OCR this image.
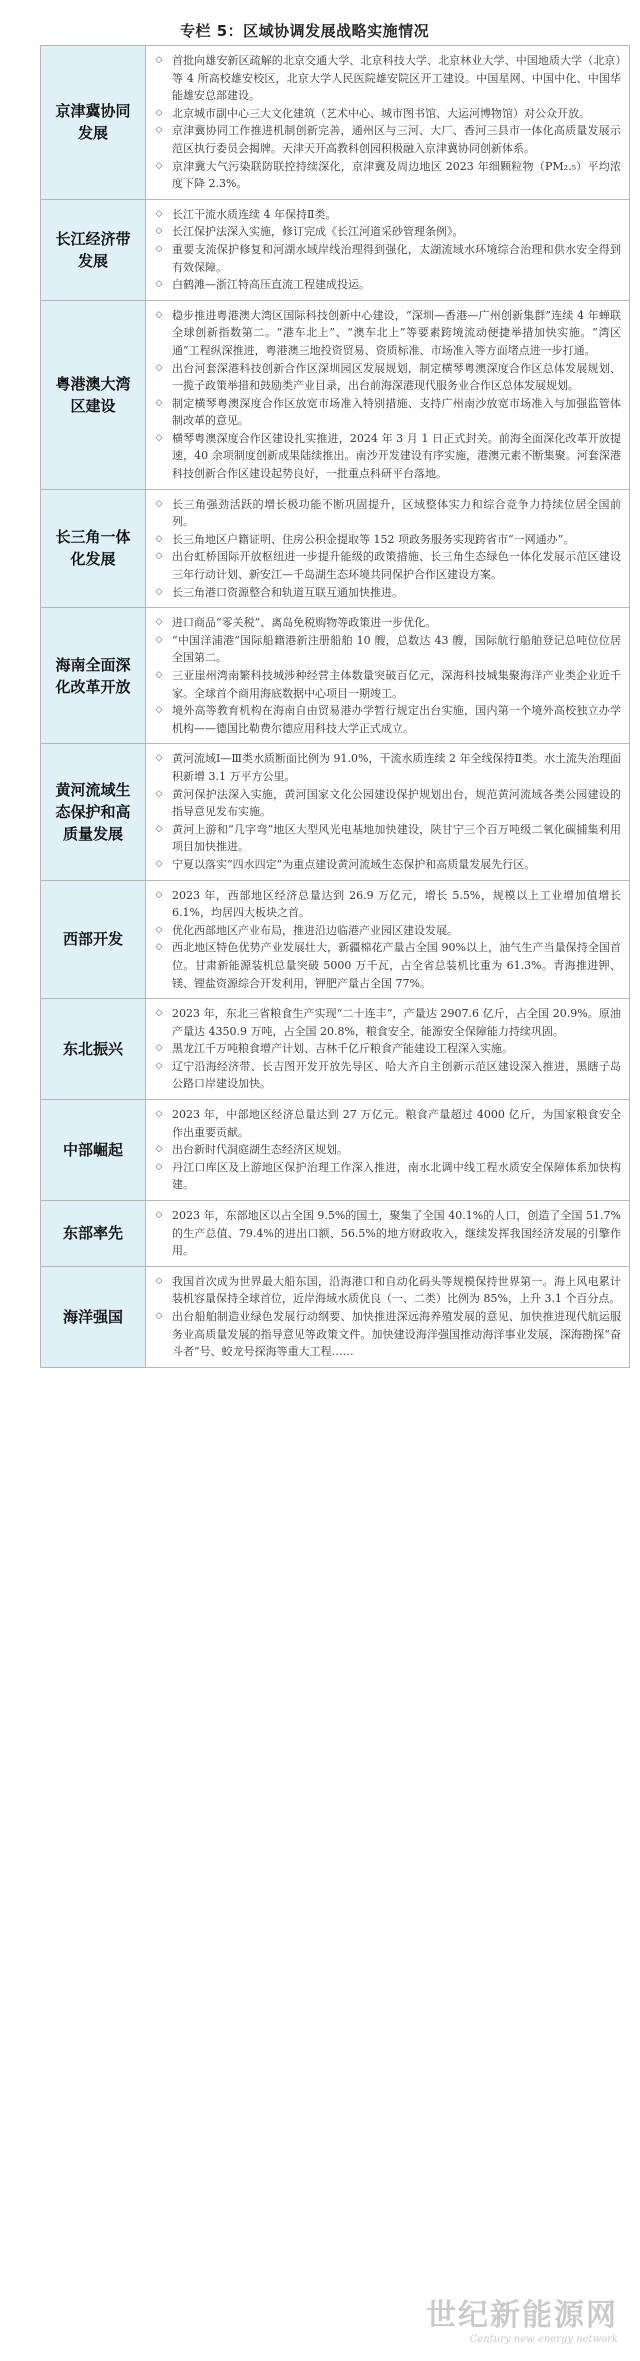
专栏 5：区域协调发展战略实施情况
京津冀协同发展
◇ 首批向雄安新区疏解的北京交通大学、北京科技大学、北京林业大学、中国地质大学（北京）等 4 所高校雄安校区，北京大学人民医院雄安院区开工建设。中国星网、中国中化、中国华能雄安总部建设。
◇ 北京城市副中心三大文化建筑（艺术中心、城市图书馆、大运河博物馆）对公众开放。
◇ 京津冀协同工作推进机制创新完善，通州区与三河、大厂、香河三县市一体化高质量发展示范区执行委员会揭牌。天津天开高教科创园积极融入京津冀协同创新体系。
◇ 京津冀大气污染联防联控持续深化，京津冀及周边地区 2023 年细颗粒物（PM₂.₅）平均浓度下降 2.3%。
长江经济带发展
◇ 长江干流水质连续 4 年保持Ⅱ类。
◇ 长江保护法深入实施，修订完成《长江河道采砂管理条例》。
◇ 重要支流保护修复和河湖水域岸线治理得到强化，太湖流域水环境综合治理和供水安全得到有效保障。
◇ 白鹤滩—浙江特高压直流工程建成投运。
粤港澳大湾区建设
◇ 稳步推进粤港澳大湾区国际科技创新中心建设，“深圳—香港—广州创新集群”连续 4 年蝉联全球创新指数第二。“港车北上”、“澳车北上”等要素跨境流动便捷举措加快实施。“湾区通”工程纵深推进，粤港澳三地投资贸易、资质标准、市场准入等方面堵点进一步打通。
◇ 出台河套深港科技创新合作区深圳园区发展规划，制定横琴粤澳深度合作区总体发展规划、一揽子政策举措和鼓励类产业目录，出台前海深港现代服务业合作区总体发展规划。
◇ 制定横琴粤澳深度合作区放宽市场准入特别措施、支持广州南沙放宽市场准入与加强监管体制改革的意见。
◇ 横琴粤澳深度合作区建设扎实推进，2024 年 3 月 1 日正式封关。前海全面深化改革开放提速，40 余项制度创新成果陆续推出。南沙开发建设有序实施，港澳元素不断集聚。河套深港科技创新合作区建设起势良好，一批重点科研平台落地。
长三角一体化发展
◇ 长三角强劲活跃的增长极功能不断巩固提升，区域整体实力和综合竞争力持续位居全国前列。
◇ 长三角地区户籍证明、住房公积金提取等 152 项政务服务实现跨省市“一网通办”。
◇ 出台虹桥国际开放枢纽进一步提升能级的政策措施、长三角生态绿色一体化发展示范区建设三年行动计划、新安江—千岛湖生态环境共同保护合作区建设方案。
◇ 长三角港口资源整合和轨道互联互通加快推进。
海南全面深化改革开放
◇ 进口商品“零关税”、离岛免税购物等政策进一步优化。
◇ “中国洋浦港”国际船籍港新注册船舶 10 艘，总数达 43 艘，国际航行船舶登记总吨位位居全国第二。
◇ 三亚崖州湾南繁科技城涉种经营主体数量突破百亿元，深海科技城集聚海洋产业类企业近千家。全球首个商用海底数据中心项目一期竣工。
◇ 境外高等教育机构在海南自由贸易港办学暂行规定出台实施，国内第一个境外高校独立办学机构——德国比勒费尔德应用科技大学正式成立。
黄河流域生态保护和高质量发展
◇ 黄河流域Ⅰ—Ⅲ类水质断面比例为 91.0%，干流水质连续 2 年全线保持Ⅱ类。水土流失治理面积新增 3.1 万平方公里。
◇ 黄河保护法深入实施，黄河国家文化公园建设保护规划出台，规范黄河流域各类公园建设的指导意见发布实施。
◇ 黄河上游和“几字弯”地区大型风光电基地加快建设，陕甘宁三个百万吨级二氧化碳捕集利用项目加快推进。
◇ 宁夏以落实“四水四定”为重点建设黄河流域生态保护和高质量发展先行区。
西部开发
◇ 2023 年，西部地区经济总量达到 26.9 万亿元，增长 5.5%，规模以上工业增加值增长 6.1%，均居四大板块之首。
◇ 优化西部地区产业布局，推进沿边临港产业园区建设发展。
◇ 西北地区特色优势产业发展壮大，新疆棉花产量占全国 90%以上，油气生产当量保持全国首位。甘肃新能源装机总量突破 5000 万千瓦，占全省总装机比重为 61.3%。青海推进钾、镁、锂盐资源综合开发利用，钾肥产量占全国 77%。
东北振兴
◇ 2023 年，东北三省粮食生产实现“二十连丰”，产量达 2907.6 亿斤，占全国 20.9%。原油产量达 4350.9 万吨，占全国 20.8%，粮食安全、能源安全保障能力持续巩固。
◇ 黑龙江千万吨粮食增产计划、吉林千亿斤粮食产能建设工程深入实施。
◇ 辽宁沿海经济带、长吉图开发开放先导区、哈大齐自主创新示范区建设深入推进，黑瞎子岛公路口岸建设加快。
中部崛起
◇ 2023 年，中部地区经济总量达到 27 万亿元。粮食产量超过 4000 亿斤，为国家粮食安全作出重要贡献。
◇ 出台新时代洞庭湖生态经济区规划。
◇ 丹江口库区及上游地区保护治理工作深入推进，南水北调中线工程水质安全保障体系加快构建。
东部率先
◇ 2023 年，东部地区以占全国 9.5%的国土，聚集了全国 40.1%的人口，创造了全国 51.7%的生产总值、79.4%的进出口额、56.5%的地方财政收入，继续发挥我国经济发展的引擎作用。
海洋强国
◇ 我国首次成为世界最大船东国，沿海港口和自动化码头等规模保持世界第一。海上风电累计装机容量保持全球首位，近岸海域水质优良（一、二类）比例为 85%，上升 3.1 个百分点。
◇ 出台船舶制造业绿色发展行动纲要、加快推进深远海养殖发展的意见、加快推进现代航运服务业高质量发展的指导意见等政策文件。加快建设海洋强国推动海洋事业发展，深海勘探“奋斗者”号、蛟龙号探海等重大工程……
世纪新能源网
Century new energy network
